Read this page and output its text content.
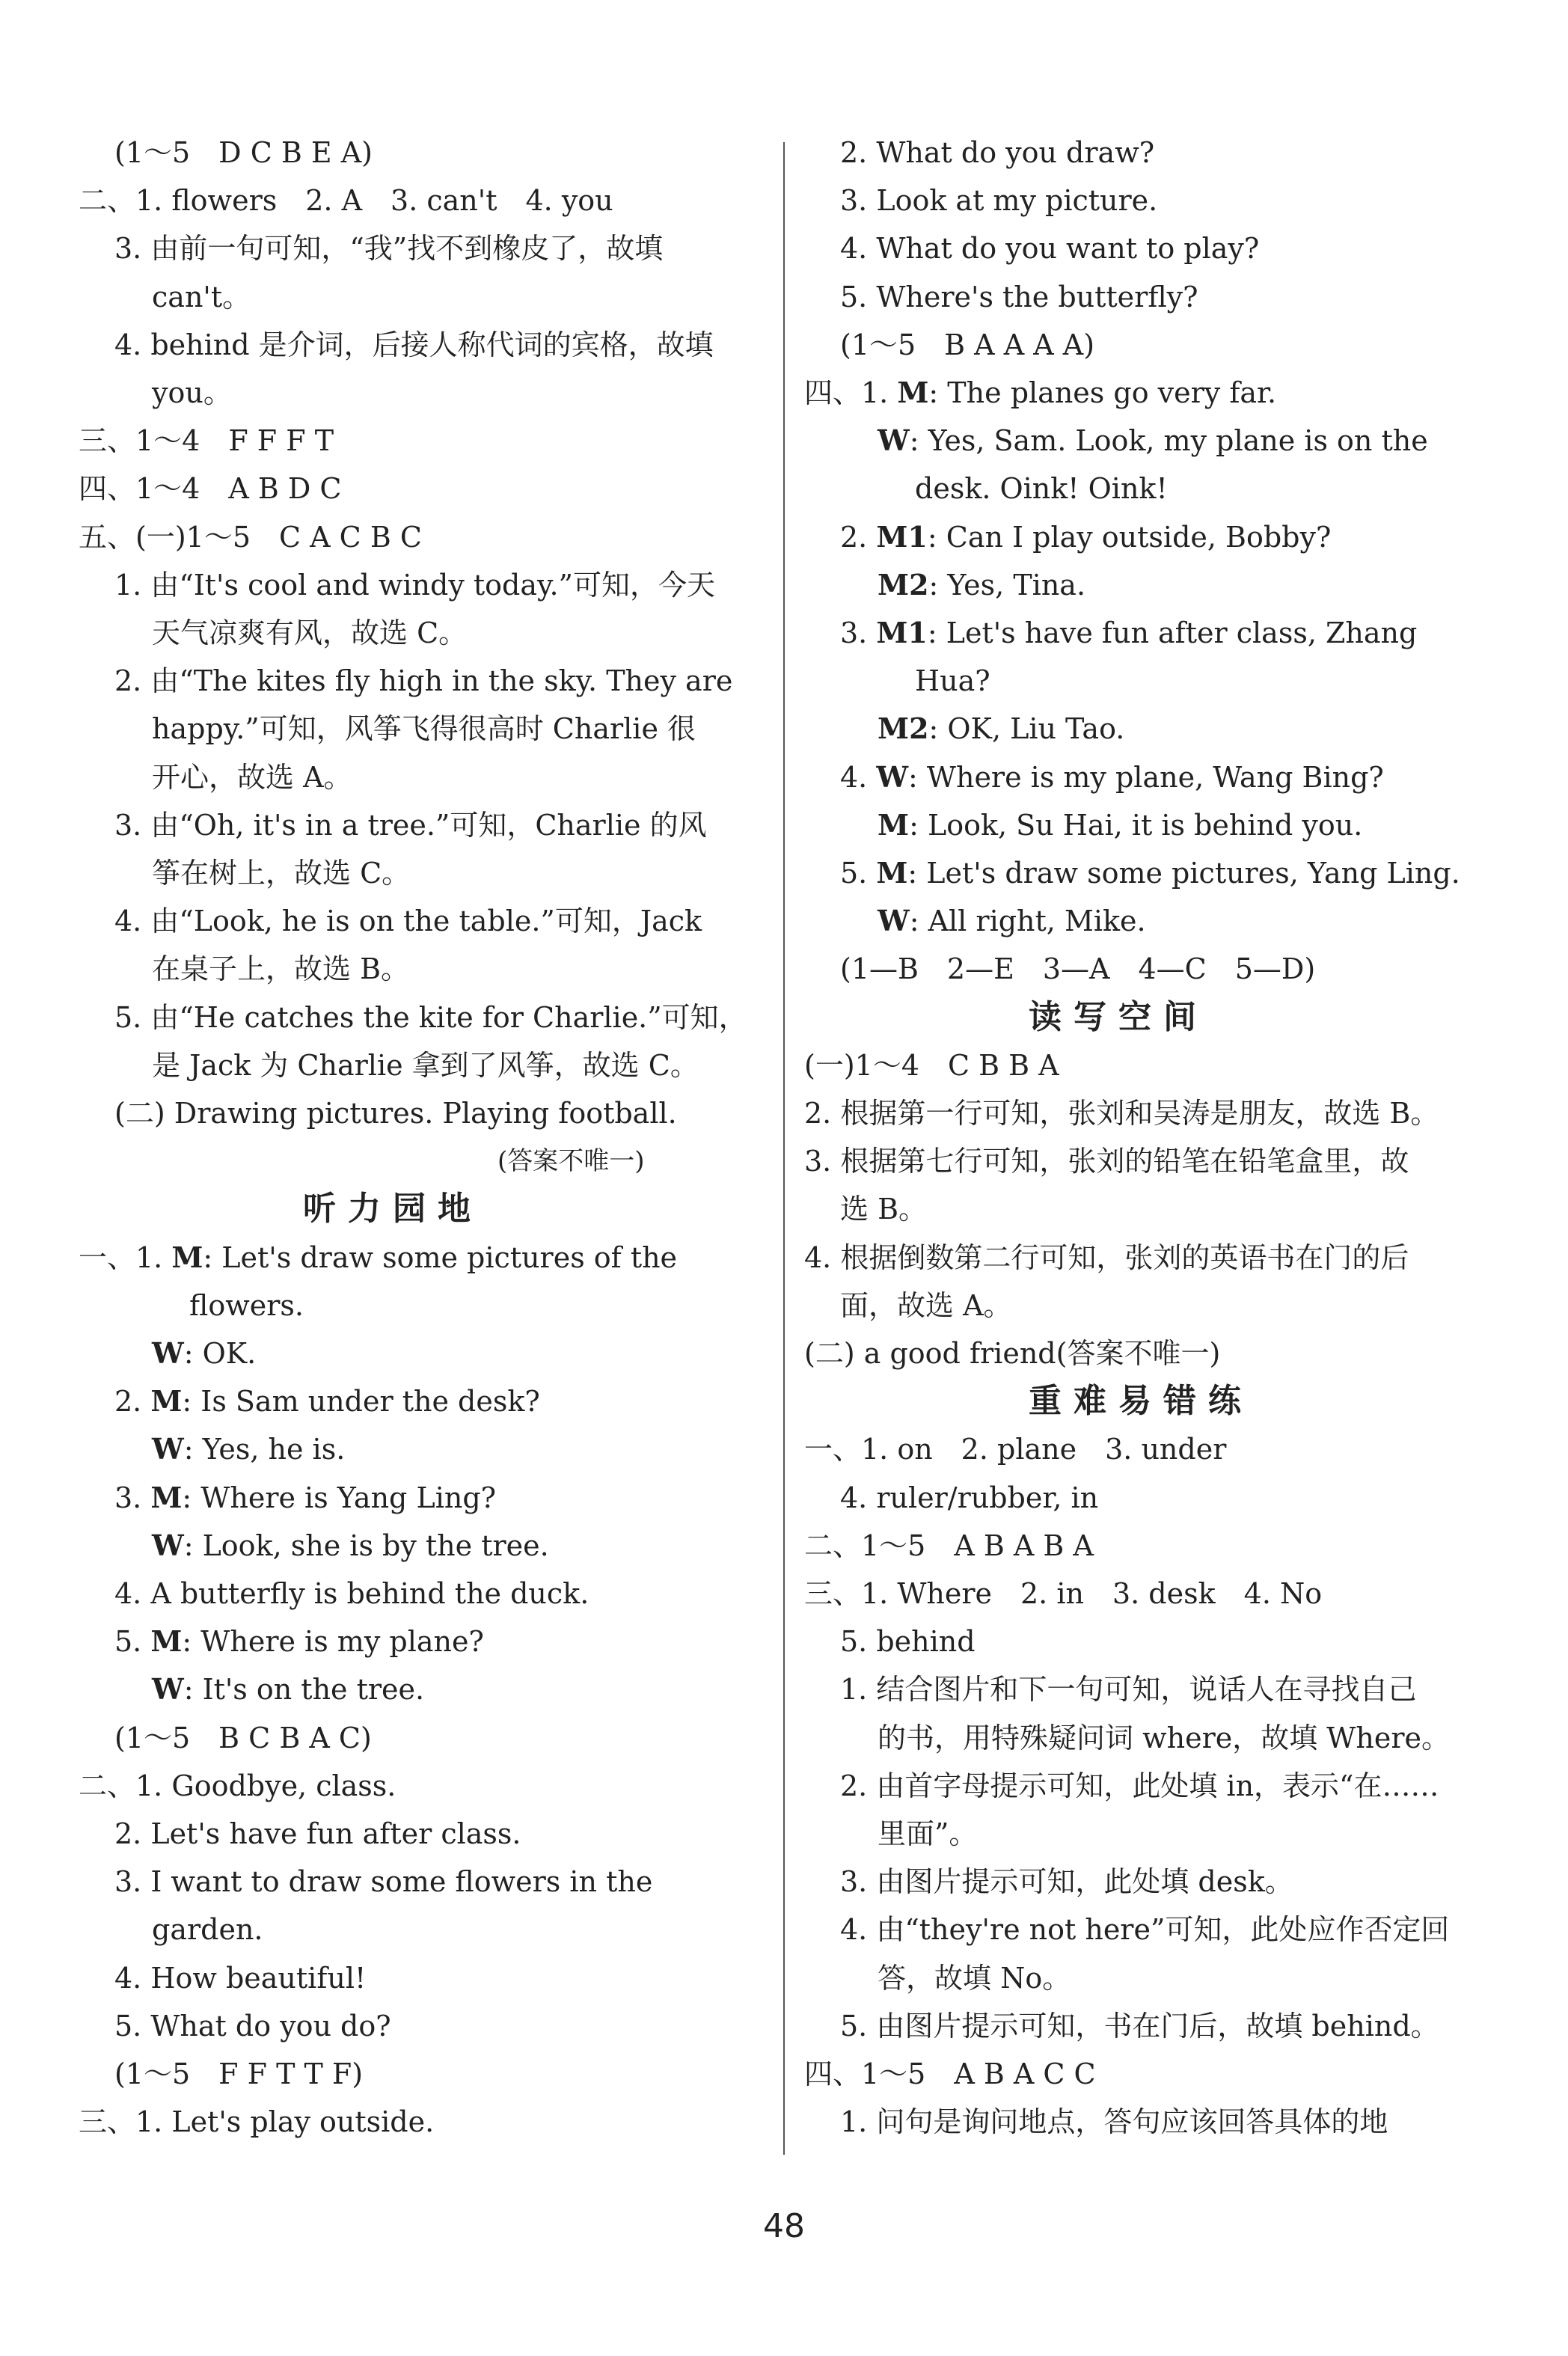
(1～5　D C B E A)
二、1. flowers　2. A　3. can't　4. you
3. 由前一句可知，“我”找不到橡皮了，故填
can't。
4. behind 是介词，后接人称代词的宾格，故填
you。
三、1～4　F F F T
四、1～4　A B D C
五、(一)1～5　C A C B C
1. 由“It's cool and windy today.”可知，今天
天气凉爽有风，故选 C。
2. 由“The kites fly high in the sky. They are
happy.”可知，风筝飞得很高时 Charlie 很
开心，故选 A。
3. 由“Oh, it's in a tree.”可知，Charlie 的风
筝在树上，故选 C。
4. 由“Look, he is on the table.”可知，Jack
在桌子上，故选 B。
5. 由“He catches the kite for Charlie.”可知，
是 Jack 为 Charlie 拿到了风筝，故选 C。
(二) Drawing pictures. Playing football.
(答案不唯一)
听力园地
一、1. M: Let's draw some pictures of the
flowers.
W: OK.
2. M: Is Sam under the desk?
W: Yes, he is.
3. M: Where is Yang Ling?
W: Look, she is by the tree.
4. A butterfly is behind the duck.
5. M: Where is my plane?
W: It's on the tree.
(1～5　B C B A C)
二、1. Goodbye, class.
2. Let's have fun after class.
3. I want to draw some flowers in the
garden.
4. How beautiful!
5. What do you do?
(1～5　F F T T F)
三、1. Let's play outside.
2. What do you draw?
3. Look at my picture.
4. What do you want to play?
5. Where's the butterfly?
(1～5　B A A A A)
四、1. M: The planes go very far.
W: Yes, Sam. Look, my plane is on the
desk. Oink! Oink!
2. M1: Can I play outside, Bobby?
M2: Yes, Tina.
3. M1: Let's have fun after class, Zhang
Hua?
M2: OK, Liu Tao.
4. W: Where is my plane, Wang Bing?
M: Look, Su Hai, it is behind you.
5. M: Let's draw some pictures, Yang Ling.
W: All right, Mike.
(1—B　2—E　3—A　4—C　5—D)
读写空间
(一)1～4　C B B A
2. 根据第一行可知，张刘和吴涛是朋友，故选 B。
3. 根据第七行可知，张刘的铅笔在铅笔盒里，故
选 B。
4. 根据倒数第二行可知，张刘的英语书在门的后
面，故选 A。
(二) a good friend(答案不唯一)
重难易错练
一、1. on　2. plane　3. under
4. ruler/rubber, in
二、1～5　A B A B A
三、1. Where　2. in　3. desk　4. No
5. behind
1. 结合图片和下一句可知，说话人在寻找自己
的书，用特殊疑问词 where，故填 Where。
2. 由首字母提示可知，此处填 in，表示“在……
里面”。
3. 由图片提示可知，此处填 desk。
4. 由“they're not here”可知，此处应作否定回
答，故填 No。
5. 由图片提示可知，书在门后，故填 behind。
四、1～5　A B A C C
1. 问句是询问地点，答句应该回答具体的地
48
